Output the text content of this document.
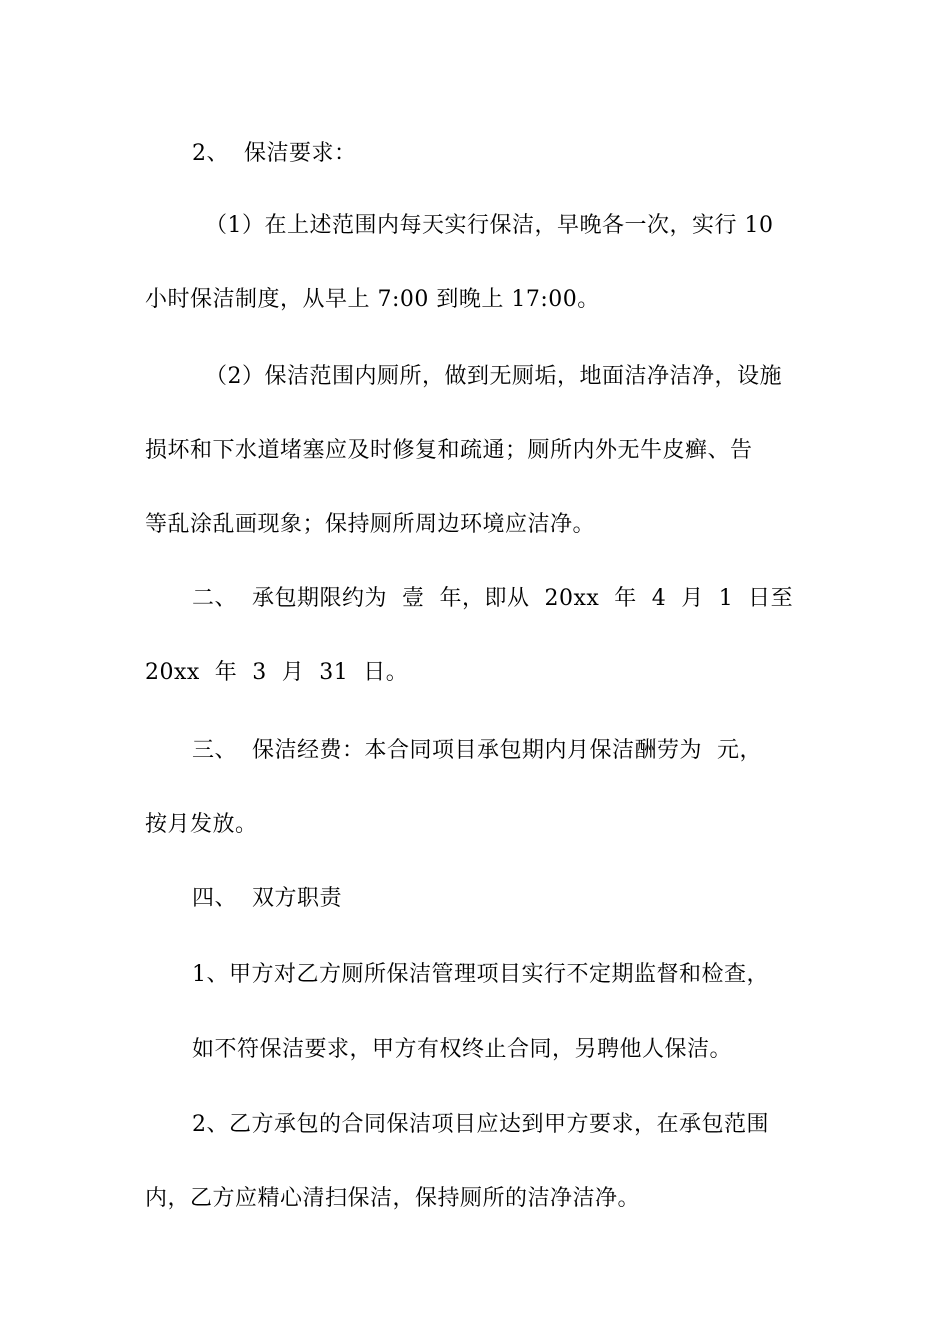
2、  保洁要求：
（1）在上述范围内每天实行保洁，早晚各一次，实行 10
小时保洁制度，从早上 7:00 到晚上 17:00。
（2）保洁范围内厕所，做到无厕垢，地面洁净洁净，设施
损坏和下水道堵塞应及时修复和疏通；厕所内外无牛皮癣、告
等乱涂乱画现象；保持厕所周边环境应洁净。
二、  承包期限约为  壹  年，即从  20xx  年  4  月  1  日至
20xx  年  3  月  31  日。
三、  保洁经费：本合同项目承包期内月保洁酬劳为  元，
按月发放。
四、  双方职责
1、甲方对乙方厕所保洁管理项目实行不定期监督和检查，
如不符保洁要求，甲方有权终止合同，另聘他人保洁。
2、乙方承包的合同保洁项目应达到甲方要求，在承包范围
内，乙方应精心清扫保洁，保持厕所的洁净洁净。
